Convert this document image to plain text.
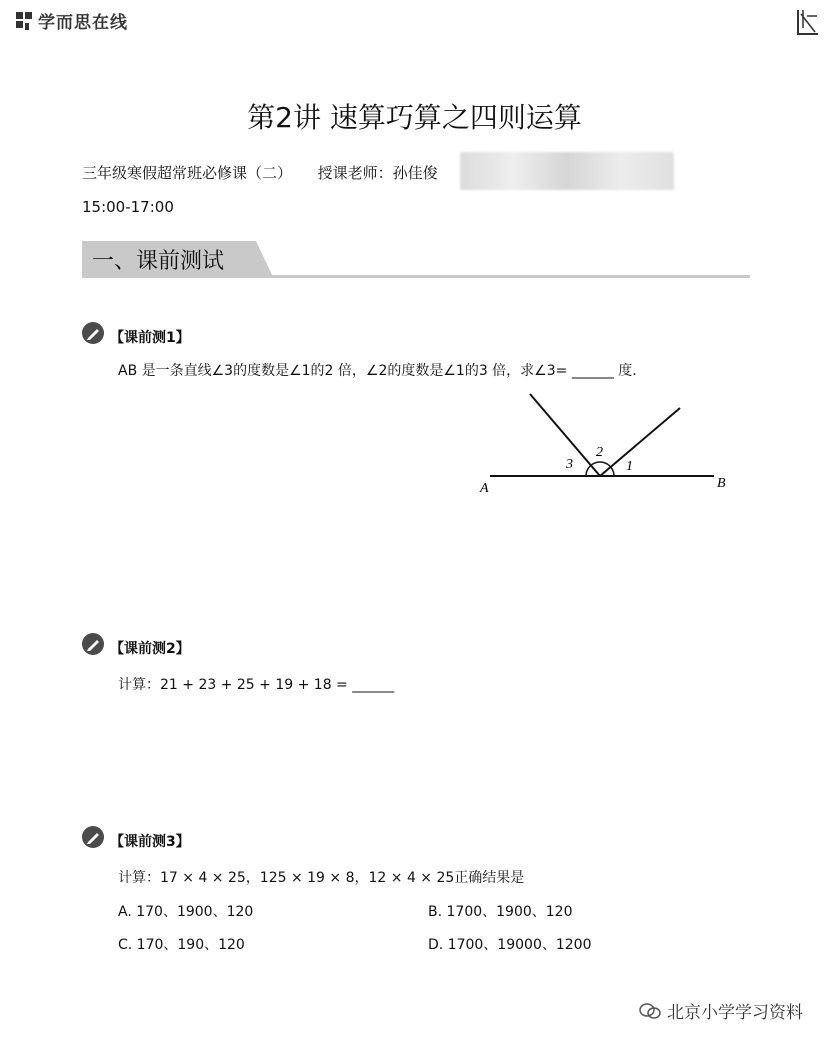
学而思在线
第2讲 速算巧算之四则运算
三年级寒假超常班必修课（二） 授课老师：孙佳俊
15:00-17:00
一、课前测试
【课前测1】
AB 是一条直线∠3的度数是∠1的2 倍，∠2的度数是∠1的3 倍，求∠3= ______ 度.
A	B
3
2
1
【课前测2】
计算：21 + 23 + 25 + 19 + 18 = ______
【课前测3】
计算：17 × 4 × 25，125 × 19 × 8，12 × 4 × 25正确结果是
A. 170、1900、120	B. 1700、1900、120
C. 170、190、120	D. 1700、19000、1200
北京小学学习资料
